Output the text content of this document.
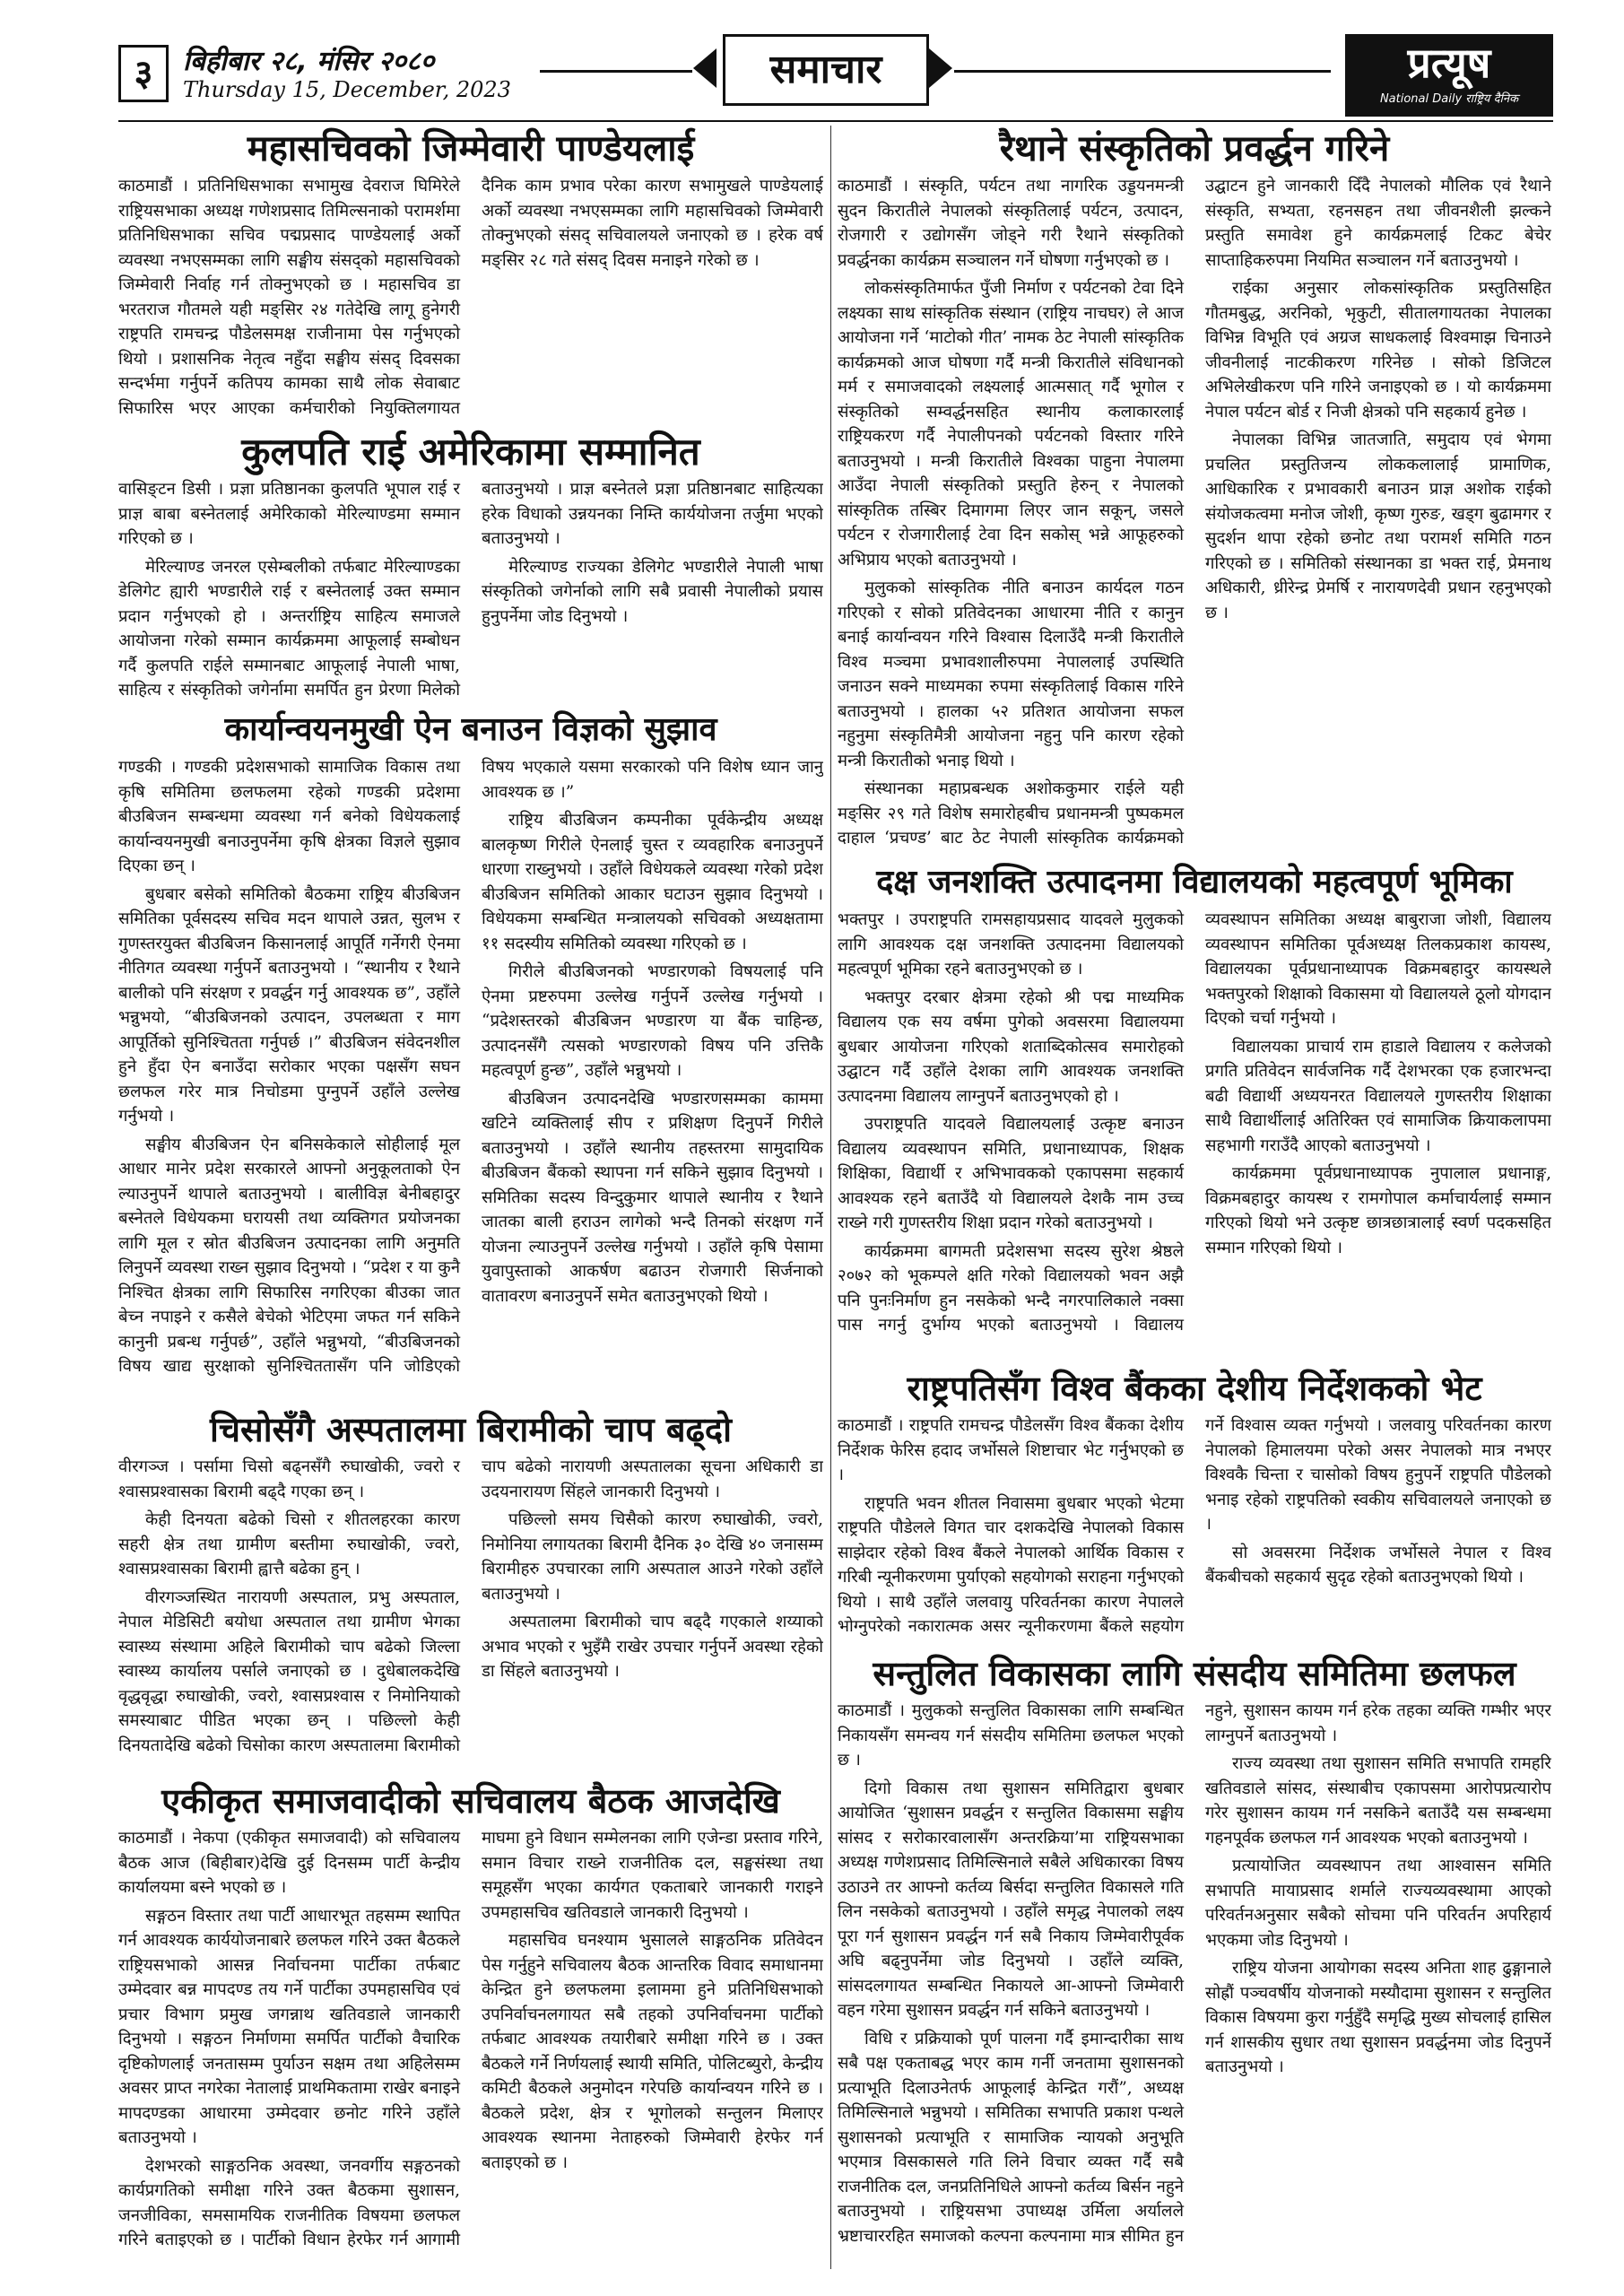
३	बिहीबार २८, मंसिर २०८०
Thursday 15, December, 2023	समाचार	प्रत्यूष
National Daily राष्ट्रिय दैनिक
महासचिवको जिम्मेवारी पाण्डेयलाई

काठमाडौं । प्रतिनिधिसभाका सभामुख देवराज घिमिरेले राष्ट्रियसभाका अध्यक्ष गणेशप्रसाद तिमिल्सनाको परामर्शमा प्रतिनिधिसभाका सचिव पद्मप्रसाद पाण्डेयलाई अर्को व्यवस्था नभएसम्मका लागि सङ्घीय संसद्को महासचिवको जिम्मेवारी निर्वाह गर्न तोक्नुभएको छ । महासचिव डा भरतराज गौतमले यही मङ्सिर २४ गतेदेखि लागू हुनेगरी राष्ट्रपति रामचन्द्र पौडेलसमक्ष राजीनामा पेस गर्नुभएको थियो । प्रशासनिक नेतृत्व नहुँदा सङ्घीय संसद् दिवसका सन्दर्भमा गर्नुपर्ने कतिपय कामका साथै लोक सेवाबाट सिफारिस भएर आएका कर्मचारीको नियुक्तिलगायत दैनिक काम प्रभाव परेका कारण सभामुखले पाण्डेयलाई अर्को व्यवस्था नभएसम्मका लागि महासचिवको जिम्मेवारी तोक्नुभएको संसद् सचिवालयले जनाएको छ । हरेक वर्ष मङ्सिर २८ गते संसद् दिवस मनाइने गरेको छ ।

कुलपति राई अमेरिकामा सम्मानित

वासिङ्टन डिसी । प्रज्ञा प्रतिष्ठानका कुलपति भूपाल राई र प्राज्ञ बाबा बस्नेतलाई अमेरिकाको मेरिल्याण्डमा सम्मान गरिएको छ ।

मेरिल्याण्ड जनरल एसेम्बलीको तर्फबाट मेरिल्याण्डका डेलिगेट ह्यारी भण्डारीले राई र बस्नेतलाई उक्त सम्मान प्रदान गर्नुभएको हो । अन्तर्राष्ट्रिय साहित्य समाजले आयोजना गरेको सम्मान कार्यक्रममा आफूलाई सम्बोधन गर्दै कुलपति राईले सम्मानबाट आफूलाई नेपाली भाषा, साहित्य र संस्कृतिको जगेर्नामा समर्पित हुन प्रेरणा मिलेको बताउनुभयो । प्राज्ञ बस्नेतले प्रज्ञा प्रतिष्ठानबाट साहित्यका हरेक विधाको उन्नयनका निम्ति कार्ययोजना तर्जुमा भएको बताउनुभयो ।

मेरिल्याण्ड राज्यका डेलिगेट भण्डारीले नेपाली भाषा संस्कृतिको जगेर्नाको लागि सबै प्रवासी नेपालीको प्रयास हुनुपर्नेमा जोड दिनुभयो ।

कार्यान्वयनमुखी ऐन बनाउन विज्ञको सुझाव

गण्डकी । गण्डकी प्रदेशसभाको सामाजिक विकास तथा कृषि समितिमा छलफलमा रहेको गण्डकी प्रदेशमा बीउबिजन सम्बन्धमा व्यवस्था गर्न बनेको विधेयकलाई कार्यान्वयनमुखी बनाउनुपर्नेमा कृषि क्षेत्रका विज्ञले सुझाव दिएका छन् ।

बुधबार बसेको समितिको बैठकमा राष्ट्रिय बीउबिजन समितिका पूर्वसदस्य सचिव मदन थापाले उन्नत, सुलभ र गुणस्तरयुक्त बीउबिजन किसानलाई आपूर्ति गर्नेगरी ऐनमा नीतिगत व्यवस्था गर्नुपर्ने बताउनुभयो । “स्थानीय र रैथाने बालीको पनि संरक्षण र प्रवर्द्धन गर्नु आवश्यक छ”, उहाँले भन्नुभयो, “बीउबिजनको उत्पादन, उपलब्धता र माग आपूर्तिको सुनिश्चितता गर्नुपर्छ ।” बीउबिजन संवेदनशील हुने हुँदा ऐन बनाउँदा सरोकार भएका पक्षसँग सघन छलफल गरेर मात्र निचोडमा पुग्नुपर्ने उहाँले उल्लेख गर्नुभयो ।

सङ्घीय बीउबिजन ऐन बनिसकेकाले सोहीलाई मूल आधार मानेर प्रदेश सरकारले आफ्नो अनुकूलताको ऐन ल्याउनुपर्ने थापाले बताउनुभयो । बालीविज्ञ बेनीबहादुर बस्नेतले विधेयकमा घरायसी तथा व्यक्तिगत प्रयोजनका लागि मूल र स्रोत बीउबिजन उत्पादनका लागि अनुमति लिनुपर्ने व्यवस्था राख्न सुझाव दिनुभयो । “प्रदेश र या कुनै निश्चित क्षेत्रका लागि सिफारिस नगरिएका बीउका जात बेच्न नपाइने र कसैले बेचेको भेटिएमा जफत गर्न सकिने कानुनी प्रबन्ध गर्नुपर्छ”, उहाँले भन्नुभयो, “बीउबिजनको विषय खाद्य सुरक्षाको सुनिश्चिततासँग पनि जोडिएको विषय भएकाले यसमा सरकारको पनि विशेष ध्यान जानु आवश्यक छ ।”

राष्ट्रिय बीउबिजन कम्पनीका पूर्वकेन्द्रीय अध्यक्ष बालकृष्ण गिरीले ऐनलाई चुस्त र व्यवहारिक बनाउनुपर्ने धारणा राख्नुभयो । उहाँले विधेयकले व्यवस्था गरेको प्रदेश बीउबिजन समितिको आकार घटाउन सुझाव दिनुभयो । विधेयकमा सम्बन्धित मन्त्रालयको सचिवको अध्यक्षतामा ११ सदस्यीय समितिको व्यवस्था गरिएको छ ।

गिरीले बीउबिजनको भण्डारणको विषयलाई पनि ऐनमा प्रष्टरुपमा उल्लेख गर्नुपर्ने उल्लेख गर्नुभयो । “प्रदेशस्तरको बीउबिजन भण्डारण या बैंक चाहिन्छ, उत्पादनसँगै त्यसको भण्डारणको विषय पनि उत्तिकै महत्वपूर्ण हुन्छ”, उहाँले भन्नुभयो ।

बीउबिजन उत्पादनदेखि भण्डारणसम्मका काममा खटिने व्यक्तिलाई सीप र प्रशिक्षण दिनुपर्ने गिरीले बताउनुभयो । उहाँले स्थानीय तहस्तरमा सामुदायिक बीउबिजन बैंकको स्थापना गर्न सकिने सुझाव दिनुभयो । समितिका सदस्य विन्दुकुमार थापाले स्थानीय र रैथाने जातका बाली हराउन लागेको भन्दै तिनको संरक्षण गर्ने योजना ल्याउनुपर्ने उल्लेख गर्नुभयो । उहाँले कृषि पेसामा युवापुस्ताको आकर्षण बढाउन रोजगारी सिर्जनाको वातावरण बनाउनुपर्ने समेत बताउनुभएको थियो ।

चिसोसँगै अस्पतालमा बिरामीको चाप बढ्दो

वीरगञ्ज । पर्सामा चिसो बढ्नसँगै रुघाखोकी, ज्वरो र श्वासप्रश्वासका बिरामी बढ्दै गएका छन् ।

केही दिनयता बढेको चिसो र शीतलहरका कारण सहरी क्षेत्र तथा ग्रामीण बस्तीमा रुघाखोकी, ज्वरो, श्वासप्रश्वासका बिरामी ह्वात्तै बढेका हुन् ।

वीरगञ्जस्थित नारायणी अस्पताल, प्रभु अस्पताल, नेपाल मेडिसिटी बयोधा अस्पताल तथा ग्रामीण भेगका स्वास्थ्य संस्थामा अहिले बिरामीको चाप बढेको जिल्ला स्वास्थ्य कार्यालय पर्साले जनाएको छ । दुधेबालकदेखि वृद्धवृद्धा रुघाखोकी, ज्वरो, श्वासप्रश्वास र निमोनियाको समस्याबाट पीडित भएका छन् । पछिल्लो केही दिनयतादेखि बढेको चिसोका कारण अस्पतालमा बिरामीको चाप बढेको नारायणी अस्पतालका सूचना अधिकारी डा उदयनारायण सिंहले जानकारी दिनुभयो ।

पछिल्लो समय चिसैको कारण रुघाखोकी, ज्वरो, निमोनिया लगायतका बिरामी दैनिक ३० देखि ४० जनासम्म बिरामीहरु उपचारका लागि अस्पताल आउने गरेको उहाँले बताउनुभयो ।

अस्पतालमा बिरामीको चाप बढ्दै गएकाले शय्याको अभाव भएको र भुइँमै राखेर उपचार गर्नुपर्ने अवस्था रहेको डा सिंहले बताउनुभयो ।

एकीकृत समाजवादीको सचिवालय बैठक आजदेखि

काठमाडौं । नेकपा (एकीकृत समाजवादी) को सचिवालय बैठक आज (बिहीबार)देखि दुई दिनसम्म पार्टी केन्द्रीय कार्यालयमा बस्ने भएको छ ।

सङ्गठन विस्तार तथा पार्टी आधारभूत तहसम्म स्थापित गर्न आवश्यक कार्ययोजनाबारे छलफल गरिने उक्त बैठकले राष्ट्रियसभाको आसन्न निर्वाचनमा पार्टीका तर्फबाट उम्मेदवार बन्न मापदण्ड तय गर्ने पार्टीका उपमहासचिव एवं प्रचार विभाग प्रमुख जगन्नाथ खतिवडाले जानकारी दिनुभयो । सङ्गठन निर्माणमा समर्पित पार्टीको वैचारिक दृष्टिकोणलाई जनतासम्म पुर्याउन सक्षम तथा अहिलेसम्म अवसर प्राप्त नगरेका नेतालाई प्राथमिकतामा राखेर बनाइने मापदण्डका आधारमा उम्मेदवार छनोट गरिने उहाँले बताउनुभयो ।

देशभरको साङ्गठनिक अवस्था, जनवर्गीय सङ्गठनको कार्यप्रगतिको समीक्षा गरिने उक्त बैठकमा सुशासन, जनजीविका, समसामयिक राजनीतिक विषयमा छलफल गरिने बताइएको छ । पार्टीको विधान हेरफेर गर्न आगामी माघमा हुने विधान सम्मेलनका लागि एजेन्डा प्रस्ताव गरिने, समान विचार राख्ने राजनीतिक दल, सङ्घसंस्था तथा समूहसँग भएका कार्यगत एकताबारे जानकारी गराइने उपमहासचिव खतिवडाले जानकारी दिनुभयो ।

महासचिव घनश्याम भुसालले साङ्गठनिक प्रतिवेदन पेस गर्नुहुने सचिवालय बैठक आन्तरिक विवाद समाधानमा केन्द्रित हुने छलफलमा इलाममा हुने प्रतिनिधिसभाको उपनिर्वाचनलगायत सबै तहको उपनिर्वाचनमा पार्टीको तर्फबाट आवश्यक तयारीबारे समीक्षा गरिने छ । उक्त बैठकले गर्ने निर्णयलाई स्थायी समिति, पोलिटब्युरो, केन्द्रीय कमिटी बैठकले अनुमोदन गरेपछि कार्यान्वयन गरिने छ । बैठकले प्रदेश, क्षेत्र र भूगोलको सन्तुलन मिलाएर आवश्यक स्थानमा नेताहरुको जिम्मेवारी हेरफेर गर्न बताइएको छ ।

रैथाने संस्कृतिको प्रवर्द्धन गरिने

काठमाडौं । संस्कृति, पर्यटन तथा नागरिक उड्डयनमन्त्री सुदन किरातीले नेपालको संस्कृतिलाई पर्यटन, उत्पादन, रोजगारी र उद्योगसँग जोड्ने गरी रैथाने संस्कृतिको प्रवर्द्धनका कार्यक्रम सञ्चालन गर्ने घोषणा गर्नुभएको छ ।

लोकसंस्कृतिमार्फत पुँजी निर्माण र पर्यटनको टेवा दिने लक्ष्यका साथ सांस्कृतिक संस्थान (राष्ट्रिय नाचघर) ले आज आयोजना गर्ने ‘माटोको गीत’ नामक ठेट नेपाली सांस्कृतिक कार्यक्रमको आज घोषणा गर्दै मन्त्री किरातीले संविधानको मर्म र समाजवादको लक्ष्यलाई आत्मसात् गर्दै भूगोल र संस्कृतिको सम्वर्द्धनसहित स्थानीय कलाकारलाई राष्ट्रियकरण गर्दै नेपालीपनको पर्यटनको विस्तार गरिने बताउनुभयो । मन्त्री किरातीले विश्वका पाहुना नेपालमा आउँदा नेपाली संस्कृतिको प्रस्तुति हेरुन् र नेपालको सांस्कृतिक तस्बिर दिमागमा लिएर जान सकून्, जसले पर्यटन र रोजगारीलाई टेवा दिन सकोस् भन्ने आफूहरुको अभिप्राय भएको बताउनुभयो ।

मुलुकको सांस्कृतिक नीति बनाउन कार्यदल गठन गरिएको र सोको प्रतिवेदनका आधारमा नीति र कानुन बनाई कार्यान्वयन गरिने विश्वास दिलाउँदै मन्त्री किरातीले विश्व मञ्चमा प्रभावशालीरुपमा नेपाललाई उपस्थिति जनाउन सक्ने माध्यमका रुपमा संस्कृतिलाई विकास गरिने बताउनुभयो । हालका ५२ प्रतिशत आयोजना सफल नहुनुमा संस्कृतिमैत्री आयोजना नहुनु पनि कारण रहेको मन्त्री किरातीको भनाइ थियो ।

संस्थानका महाप्रबन्धक अशोककुमार राईले यही मङ्सिर २९ गते विशेष समारोहबीच प्रधानमन्त्री पुष्पकमल दाहाल ‘प्रचण्ड’ बाट ठेट नेपाली सांस्कृतिक कार्यक्रमको उद्घाटन हुने जानकारी दिँदै नेपालको मौलिक एवं रैथाने संस्कृति, सभ्यता, रहनसहन तथा जीवनशैली झल्कने प्रस्तुति समावेश हुने कार्यक्रमलाई टिकट बेचेर साप्ताहिकरुपमा नियमित सञ्चालन गर्ने बताउनुभयो ।

राईका अनुसार लोकसांस्कृतिक प्रस्तुतिसहित गौतमबुद्ध, अरनिको, भृकुटी, सीतालगायतका नेपालका विभिन्न विभूति एवं अग्रज साधकलाई विश्वमाझ चिनाउने जीवनीलाई नाटकीकरण गरिनेछ । सोको डिजिटल अभिलेखीकरण पनि गरिने जनाइएको छ । यो कार्यक्रममा नेपाल पर्यटन बोर्ड र निजी क्षेत्रको पनि सहकार्य हुनेछ ।

नेपालका विभिन्न जातजाति, समुदाय एवं भेगमा प्रचलित प्रस्तुतिजन्य लोककलालाई प्रामाणिक, आधिकारिक र प्रभावकारी बनाउन प्राज्ञ अशोक राईको संयोजकत्वमा मनोज जोशी, कृष्ण गुरुङ, खड्ग बुढामगर र सुदर्शन थापा रहेको छनोट तथा परामर्श समिति गठन गरिएको छ । समितिको संस्थानका डा भक्त राई, प्रेमनाथ अधिकारी, ध्रीरेन्द्र प्रेमर्षि र नारायणदेवी प्रधान रहनुभएको छ ।

दक्ष जनशक्ति उत्पादनमा विद्यालयको महत्वपूर्ण भूमिका

भक्तपुर । उपराष्ट्रपति रामसहायप्रसाद यादवले मुलुकको लागि आवश्यक दक्ष जनशक्ति उत्पादनमा विद्यालयको महत्वपूर्ण भूमिका रहने बताउनुभएको छ ।

भक्तपुर दरबार क्षेत्रमा रहेको श्री पद्म माध्यमिक विद्यालय एक सय वर्षमा पुगेको अवसरमा विद्यालयमा बुधबार आयोजना गरिएको शताब्दिकोत्सव समारोहको उद्घाटन गर्दै उहाँले देशका लागि आवश्यक जनशक्ति उत्पादनमा विद्यालय लाग्नुपर्ने बताउनुभएको हो ।

उपराष्ट्रपति यादवले विद्यालयलाई उत्कृष्ट बनाउन विद्यालय व्यवस्थापन समिति, प्रधानाध्यापक, शिक्षक शिक्षिका, विद्यार्थी र अभिभावककाे एकापसमा सहकार्य आवश्यक रहने बताउँदै यो विद्यालयले देशकै नाम उच्च राख्ने गरी गुणस्तरीय शिक्षा प्रदान गरेको बताउनुभयो ।

कार्यक्रममा बागमती प्रदेशसभा सदस्य सुरेश श्रेष्ठले २०७२ को भूकम्पले क्षति गरेको विद्यालयको भवन अझै पनि पुनःनिर्माण हुन नसकेको भन्दै नगरपालिकाले नक्सा पास नगर्नु दुर्भाग्य भएको बताउनुभयो । विद्यालय व्यवस्थापन समितिका अध्यक्ष बाबुराजा जोशी, विद्यालय व्यवस्थापन समितिका पूर्वअध्यक्ष तिलकप्रकाश कायस्थ, विद्यालयका पूर्वप्रधानाध्यापक विक्रमबहादुर कायस्थले भक्तपुरको शिक्षाको विकासमा यो विद्यालयले ठूलो योगदान दिएको चर्चा गर्नुभयो ।

विद्यालयका प्राचार्य राम हाडाले विद्यालय र कलेजको प्रगति प्रतिवेदन सार्वजनिक गर्दै देशभरका एक हजारभन्दा बढी विद्यार्थी अध्ययनरत विद्यालयले गुणस्तरीय शिक्षाका साथै विद्यार्थीलाई अतिरिक्त एवं सामाजिक क्रियाकलापमा सहभागी गराउँदै आएको बताउनुभयो ।

कार्यक्रममा पूर्वप्रधानाध्यापक नुपालाल प्रधानाङ्ग, विक्रमबहादुर कायस्थ र रामगोपाल कर्माचार्यलाई सम्मान गरिएको थियो भने उत्कृष्ट छात्रछात्रालाई स्वर्ण पदकसहित सम्मान गरिएको थियो ।

राष्ट्रपतिसँग विश्व बैंकका देशीय निर्देशकको भेट

काठमाडौं । राष्ट्रपति रामचन्द्र पौडेलसँग विश्व बैंकका देशीय निर्देशक फेरिस हदाद जर्भोसले शिष्टाचार भेट गर्नुभएको छ ।

राष्ट्रपति भवन शीतल निवासमा बुधबार भएको भेटमा राष्ट्रपति पौडेलले विगत चार दशकदेखि नेपालको विकास साझेदार रहेको विश्व बैंकले नेपालको आर्थिक विकास र गरिबी न्यूनीकरणमा पुर्याएको सहयोगको सराहना गर्नुभएको थियो । साथै उहाँले जलवायु परिवर्तनका कारण नेपालले भोग्नुपरेको नकारात्मक असर न्यूनीकरणमा बैंकले सहयोग गर्ने विश्वास व्यक्त गर्नुभयो । जलवायु परिवर्तनका कारण नेपालको हिमालयमा परेको असर नेपालको मात्र नभएर विश्वकै चिन्ता र चासोको विषय हुनुपर्ने राष्ट्रपति पौडेलको भनाइ रहेको राष्ट्रपतिको स्वकीय सचिवालयले जनाएको छ ।

सो अवसरमा निर्देशक जर्भोसले नेपाल र विश्व बैंकबीचको सहकार्य सुदृढ रहेको बताउनुभएको थियो ।

सन्तुलित विकासका लागि संसदीय समितिमा छलफल

काठमाडौं । मुलुकको सन्तुलित विकासका लागि सम्बन्धित निकायसँग समन्वय गर्न संसदीय समितिमा छलफल भएको छ ।

दिगो विकास तथा सुशासन समितिद्वारा बुधबार आयोजित ‘सुशासन प्रवर्द्धन र सन्तुलित विकासमा सङ्घीय सांसद र सरोकारवालासँग अन्तरक्रिया’मा राष्ट्रियसभाका अध्यक्ष गणेशप्रसाद तिमिल्सिनाले सबैले अधिकारका विषय उठाउने तर आफ्नो कर्तव्य बिर्सदा सन्तुलित विकासले गति लिन नसकेको बताउनुभयो । उहाँले समृद्ध नेपालको लक्ष्य पूरा गर्न सुशासन प्रवर्द्धन गर्न सबै निकाय जिम्मेवारीपूर्वक अघि बढ्नुपर्नेमा जोड दिनुभयो । उहाँले व्यक्ति, सांसदलगायत सम्बन्धित निकायले आ-आफ्नो जिम्मेवारी वहन गरेमा सुशासन प्रवर्द्धन गर्न सकिने बताउनुभयो ।

विधि र प्रक्रियाको पूर्ण पालना गर्दै इमान्दारीका साथ सबै पक्ष एकताबद्ध भएर काम गर्नी जनतामा सुशासनको प्रत्याभूति दिलाउनेतर्फ आफूलाई केन्द्रित गरौं”, अध्यक्ष तिमिल्सिनाले भन्नुभयो । समितिका सभापति प्रकाश पन्थले सुशासनको प्रत्याभूति र सामाजिक न्यायको अनुभूति भएमात्र विसकासले गति लिने विचार व्यक्त गर्दै सबै राजनीतिक दल, जनप्रतिनिधिले आफ्नो कर्तव्य बिर्सन नहुने बताउनुभयो । राष्ट्रियसभा उपाध्यक्ष उर्मिला अर्यालले भ्रष्टाचाररहित समाजको कल्पना कल्पनामा मात्र सीमित हुन नहुने, सुशासन कायम गर्न हरेक तहका व्यक्ति गम्भीर भएर लाग्नुपर्ने बताउनुभयो ।

राज्य व्यवस्था तथा सुशासन समिति सभापति रामहरि खतिवडाले सांसद, संस्थाबीच एकापसमा आरोपप्रत्यारोप गरेर सुशासन कायम गर्न नसकिने बताउँदै यस सम्बन्धमा गहनपूर्वक छलफल गर्न आवश्यक भएको बताउनुभयो ।

प्रत्यायोजित व्यवस्थापन तथा आश्वासन समिति सभापति मायाप्रसाद शर्माले राज्यव्यवस्थामा आएको परिवर्तनअनुसार सबैको सोचमा पनि परिवर्तन अपरिहार्य भएकमा जोड दिनुभयो ।

राष्ट्रिय योजना आयोगका सदस्य अनिता शाह ढुङ्गानाले सोह्रौं पञ्चवर्षीय योजनाको मस्यौदामा सुशासन र सन्तुलित विकास विषयमा कुरा गर्नुहुँदै समृद्धि मुख्य सोचलाई हासिल गर्न शासकीय सुधार तथा सुशासन प्रवर्द्धनमा जोड दिनुपर्ने बताउनुभयो ।
